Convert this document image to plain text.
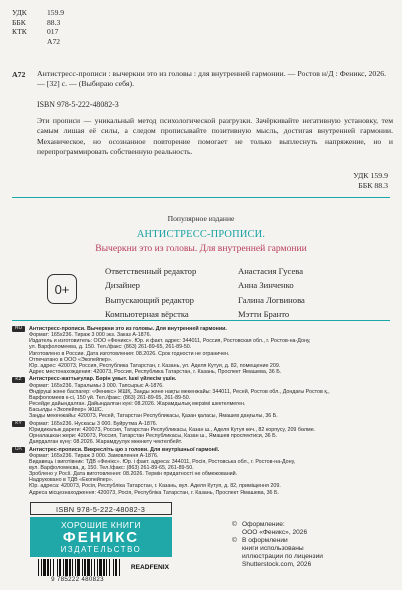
УДК	159.9
ББК	88.3
КТК	017
А72
А72 Антистресс-прописи : вычеркни это из головы : для внутренней гармонии. — Ростов н/Д : Феникс, 2026. — [32] с. — (Выбираю себя).
ISBN 978-5-222-48082-3
Эти прописи — уникальный метод психологической разгрузки. Зачёркивайте негативную установку, тем самым лишая её силы, а следом прописывайте позитивную мысль, достигая внутренней гармонии. Механическое, но осознанное повторение помогает не только выплеснуть напряжение, но и перепрограммировать собственную реальность.
УДК 159.9
ББК 88.3
Популярное издание
АНТИСТРЕСС-ПРОПИСИ.
Вычеркни это из головы. Для внутренней гармонии
0+
Ответственный редактор	Анастасия Гусева
Дизайнер	Анна Зинченко
Выпускающий редактор	Галина Логвинова
Компьютерная вёрстка	Мэтти Бранто
RU	Антистресс-прописи. Вычеркни это из головы. Для внутренней гармонии.
Формат: 165х236. Тираж 3 000 экз. Заказ А-1876.
Издатель и изготовитель: ООО «Феникс». Юр. и факт. адрес: 344011, Россия, Ростовская обл., г. Ростов-на-Дону,
ул. Варфоломеева, д. 150. Тел./факс: (863) 261-89-65, 261-89-50.
Изготовлено в России. Дата изготовления: 08.2026. Срок годности не ограничен.
Отпечатано в ООО «Экопейпер».
Юр. адрес: 420073, Россия, Республика Татарстан, г. Казань, ул. Аделя Кутуя, д. 82, помещение 209.
Адрес местонахождения: 420073, Россия, Республика Татарстан, г. Казань, Проспект Ямашева, 36 Б.
KZ	Антистресс-жаттығулар. Бәрін ұмыт. Ішкі үйлесім үшін.
Формат: 165х236. Таралымы 3 000. Тапсырыс А-1876.
Өндіруші және баспагер: «Феникс» ЖШҚ. Заңды және нақты мекенжайы: 344011, Ресей, Ростов обл., Дондағы Ростов қ.,
Варфоломеев к-сі, 150 үй. Тел./факс: (863) 261-89-65, 261-89-50.
Ресейде дайындалған. Дайындалған күні: 08.2026. Жарамдылық мерзімі шектелмеген.
Басылды «Экопейпер» ЖШС.
Заңды мекенжайы: 420073, Ресей, Татарстан Республикасы, Қазан қаласы, Ямашев даңғылы, 36 Б.
KY	Формат: 165х236. Нускасы 3 000. Буйрутма А-1876.
Юридикалык дареги: 420073, Россия, Татарстан Республикасы, Казан ш., Аделя Кутуя көч., 82 корпусу, 209 бөлме.
Орналашкан жери: 420073, Россия, Татарстан Республикасы, Казан ш., Ямашев проспектиси, 36 Б.
Даярдалган күнү: 08.2026. Жарамдуулук мөөнөтү чектелбейт.
UA	Антистрес-прописи. Викресліть цю з голови. Для внутрішньої гармонії.
Формат: 165х236. Тираж 3 000. Замовлення А-1876.
Видавець і виготівник: ТДВ «Фенікс». Юр. і факт. адреса: 344011, Росія, Ростовська обл., г. Ростов-на-Дону,
вул. Варфоломеєва, д. 150. Тел./факс: (863) 261-89-65, 261-89-50.
Зроблено у Росії. Дата виготовлення: 08.2026. Термін придатності не обмежований.
Надруковано в ТДВ «Екопейпер».
Юр. адреса: 420073, Росія, Республіка Татарстан, г. Казань, вул. Аделя Кутуя, д. 82, приміщення 209.
Адреса місцезнаходження: 420073, Росія, Республіка Татарстан, г. Казань, Проспект Ямашева, 36 Б.
ISBN 978-5-222-48082-3
ХОРОШИЕ КНИГИ
ФЕНИКС
ИЗДАТЕЛЬСТВО
9 785222 480823
READFENIX
© Оформление:
ООО «Феникс», 2026
© В оформлении
книги использованы
иллюстрации по лицензии
Shutterstock.com, 2026
